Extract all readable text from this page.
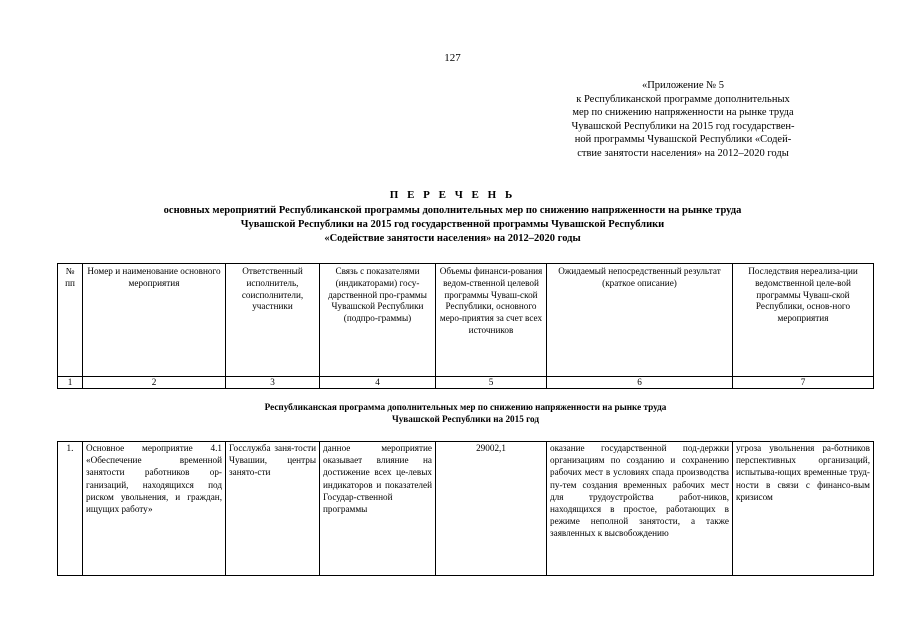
127
«Приложение № 5
к Республиканской программе дополнительных
мер по снижению напряженности на рынке труда
Чувашской Республики на 2015 год государствен-
ной программы Чувашской Республики «Содей-
ствие занятости населения» на 2012–2020 годы
П Е Р Е Ч Е Н Ь
основных мероприятий Республиканской программы дополнительных мер по снижению напряженности на рынке труда
Чувашской Республики на 2015 год государственной программы Чувашской Республики
«Содействие занятости населения» на 2012–2020 годы
№ пп	Номер и наименование основного мероприятия	Ответственный исполнитель, соисполнители, участники	Связь с показателями (индикаторами) госу-дарственной про-граммы Чувашской Республики (подпро-граммы)	Объемы финанси-рования ведом-ственной целевой программы Чуваш-ской Республики, основного меро-приятия за счет всех источников	Ожидаемый непосредственный результат (краткое описание)	Последствия нереализа-ции ведомственной целе-вой программы Чуваш-ской Республики, основ-ного мероприятия
1	2	3	4	5	6	7

Республиканская программа дополнительных мер по снижению напряженности на рынке труда
Чувашской Республики на 2015 год						
1.	Основное мероприятие 4.1 «Обеспечение временной занятости работников ор-ганизаций, находящихся под риском увольнения, и граждан, ищущих работу»	Госслужба заня-тости Чувашии, центры занято-сти	данное мероприятие оказывает влияние на достижение всех це-левых индикаторов и показателей Государ-ственной программы	29002,1	оказание государственной под-держки организациям по созданию и сохранению рабочих мест в условиях спада производства пу-тем создания временных рабочих мест для трудоустройства работ-ников, находящихся в простое, работающих в режиме неполной занятости, а также заявленных к высвобождению	угроза увольнения ра-ботников перспективных организаций, испытыва-ющих временные труд-ности в связи с финансо-вым кризисом
